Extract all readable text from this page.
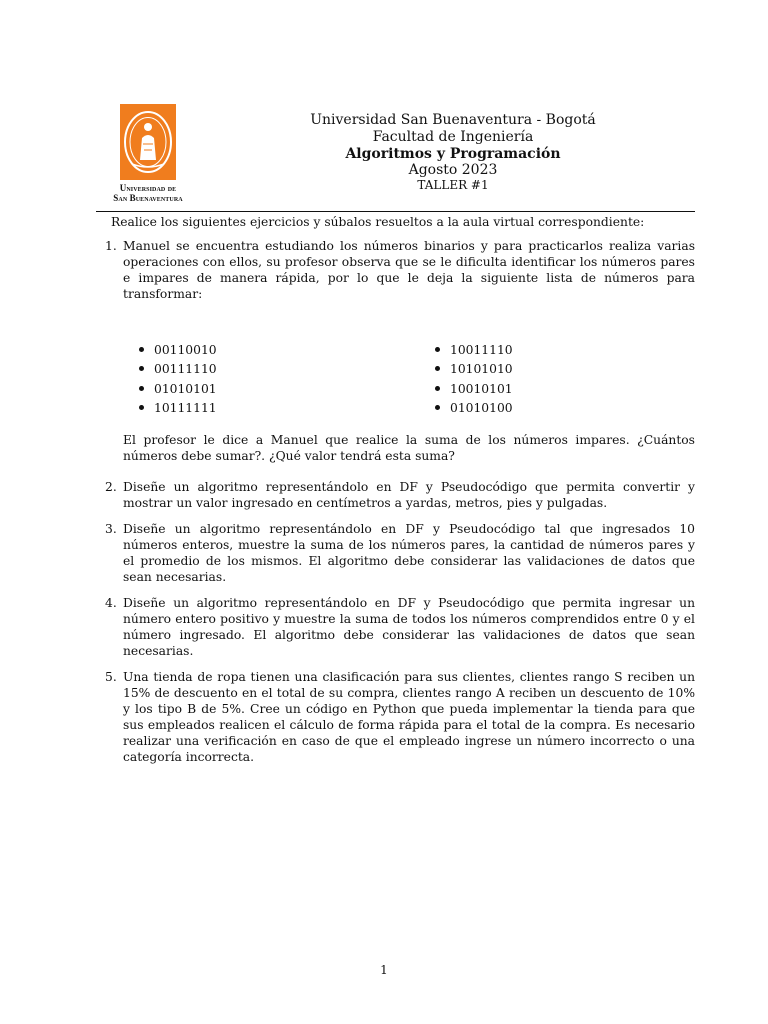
Universidad de
San Buenaventura
Universidad San Buenaventura - Bogotá
Facultad de Ingeniería
Algoritmos y Programación
Agosto 2023
TALLER #1
Realice los siguientes ejercicios y súbalos resueltos a la aula virtual correspondiente:
1. Manuel se encuentra estudiando los números binarios y para practicarlos realiza varias operaciones con ellos, su profesor observa que se le dificulta identificar los números pares e impares de manera rápida, por lo que le deja la siguiente lista de números para transformar:
00110010
00111110
01010101
10111111
10011110
10101010
10010101
01010100
El profesor le dice a Manuel que realice la suma de los números impares. ¿Cuántos números debe sumar?. ¿Qué valor tendrá esta suma?
2. Diseñe un algoritmo representándolo en DF y Pseudocódigo que permita convertir y mostrar un valor ingresado en centímetros a yardas, metros, pies y pulgadas.
3. Diseñe un algoritmo representándolo en DF y Pseudocódigo tal que ingresados 10 números enteros, muestre la suma de los números pares, la cantidad de números pares y el promedio de los mismos. El algoritmo debe considerar las validaciones de datos que sean necesarias.
4. Diseñe un algoritmo representándolo en DF y Pseudocódigo que permita ingresar un número entero positivo y muestre la suma de todos los números comprendidos entre 0 y el número ingresado. El algoritmo debe considerar las validaciones de datos que sean necesarias.
5. Una tienda de ropa tienen una clasificación para sus clientes, clientes rango S reciben un 15% de descuento en el total de su compra, clientes rango A reciben un descuento de 10% y los tipo B de 5%. Cree un código en Python que pueda implementar la tienda para que sus empleados realicen el cálculo de forma rápida para el total de la compra. Es necesario realizar una verificación en caso de que el empleado ingrese un número incorrecto o una categoría incorrecta.
1
